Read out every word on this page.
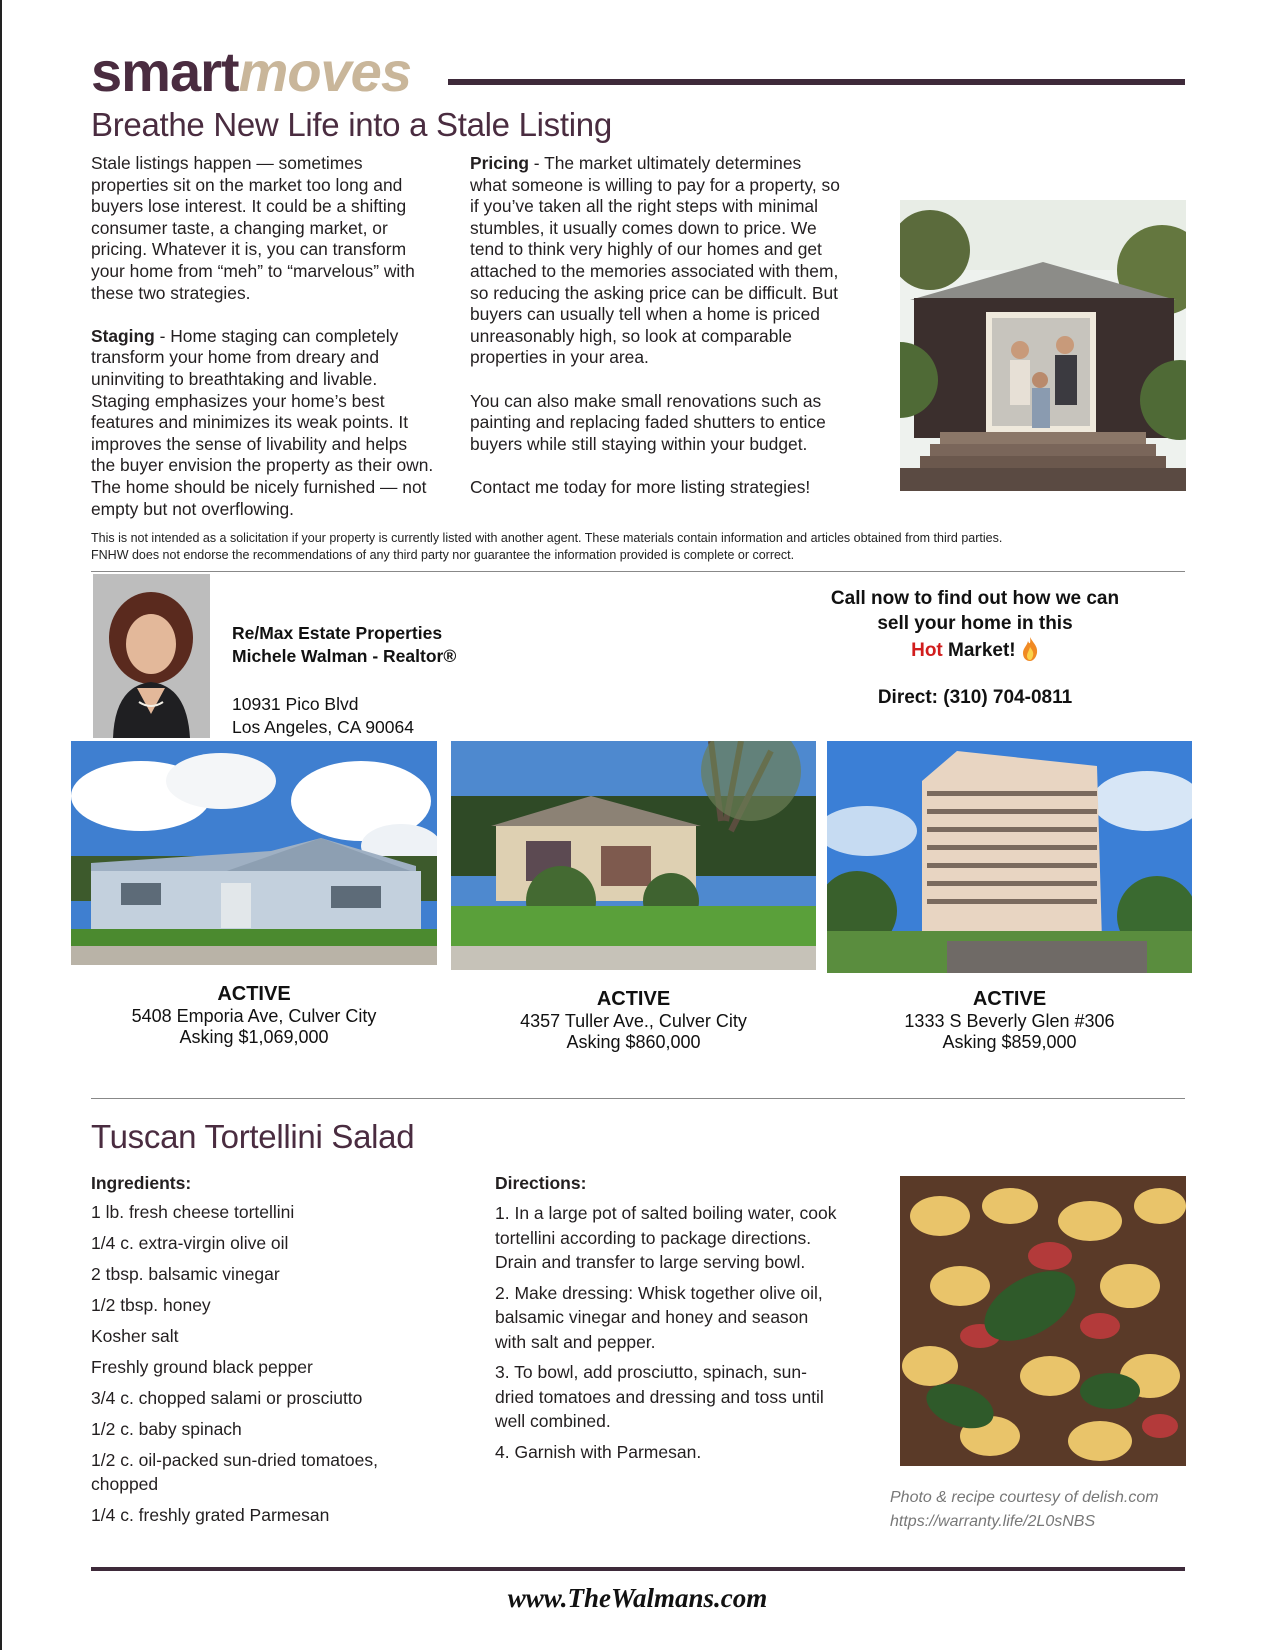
smartmoves
Breathe New Life into a Stale Listing

Stale listings happen — sometimes properties sit on the market too long and buyers lose interest. It could be a shifting consumer taste, a changing market, or pricing. Whatever it is, you can transform your home from “meh” to “marvelous” with these two strategies.

Staging - Home staging can completely transform your home from dreary and uninviting to breathtaking and livable. Staging emphasizes your home’s best features and minimizes its weak points. It improves the sense of livability and helps the buyer envision the property as their own. The home should be nicely furnished — not empty but not overflowing.

Pricing - The market ultimately determines what someone is willing to pay for a property, so if you’ve taken all the right steps with minimal stumbles, it usually comes down to price. We tend to think very highly of our homes and get attached to the memories associated with them, so reducing the asking price can be difficult. But buyers can usually tell when a home is priced unreasonably high, so look at comparable properties in your area.

You can also make small renovations such as painting and replacing faded shutters to entice buyers while still staying within your budget.

Contact me today for more listing strategies!

This is not intended as a solicitation if your property is currently listed with another agent. These materials contain information and articles obtained from third parties.
FNHW does not endorse the recommendations of any third party nor guarantee the information provided is complete or correct.
Re/Max Estate Properties
Michele Walman - Realtor®
10931 Pico Blvd
Los Angeles, CA 90064
Call now to find out how we can
sell your home in this
Hot Market!
Direct: (310) 704-0811
ACTIVE
5408 Emporia Ave, Culver City
Asking $1,069,000
ACTIVE
4357 Tuller Ave., Culver City
Asking $860,000
ACTIVE
1333 S Beverly Glen #306
Asking $859,000
Tuscan Tortellini Salad
Ingredients:
1 lb. fresh cheese tortellini
1/4 c. extra-virgin olive oil
2 tbsp. balsamic vinegar
1/2 tbsp. honey
Kosher salt
Freshly ground black pepper
3/4 c. chopped salami or prosciutto
1/2 c. baby spinach
1/2 c. oil-packed sun-dried tomatoes, chopped
1/4 c. freshly grated Parmesan
Directions:
1. In a large pot of salted boiling water, cook tortellini according to package directions. Drain and transfer to large serving bowl.
2. Make dressing: Whisk together olive oil, balsamic vinegar and honey and season with salt and pepper.
3. To bowl, add prosciutto, spinach, sun-dried tomatoes and dressing and toss until well combined.
4. Garnish with Parmesan.
Photo & recipe courtesy of delish.com
https://warranty.life/2L0sNBS
www.TheWalmans.com
